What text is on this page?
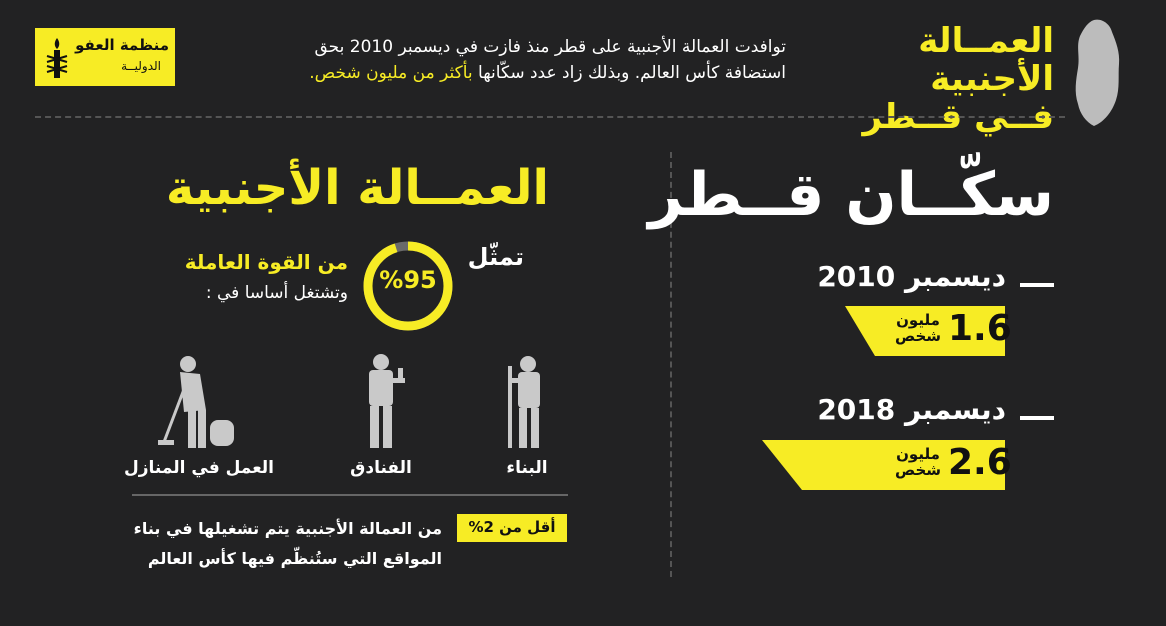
العمــالة الأجنبية
فــي قــطر
توافدت العمالة الأجنبية على قطر منذ فازت في ديسمبر 2010 بحق
استضافة كأس العالم. وبذلك زاد عدد سكّانها بأكثر من مليون شخص.
منظمة العفو
الدوليــة
سكّــان قــطر
ديسمبر 2010
1.6
مليون
شخص
ديسمبر 2018
2.6
مليون
شخص
العمــالة الأجنبية
تمثّل
%95
من القوة العاملة
وتشتغل أساسا في :
البناء
الفنادق
العمل في المنازل
أقل من 2%
من العمالة الأجنبية يتم تشغيلها في بناء
المواقع التي ستُنظّم فيها كأس العالم
